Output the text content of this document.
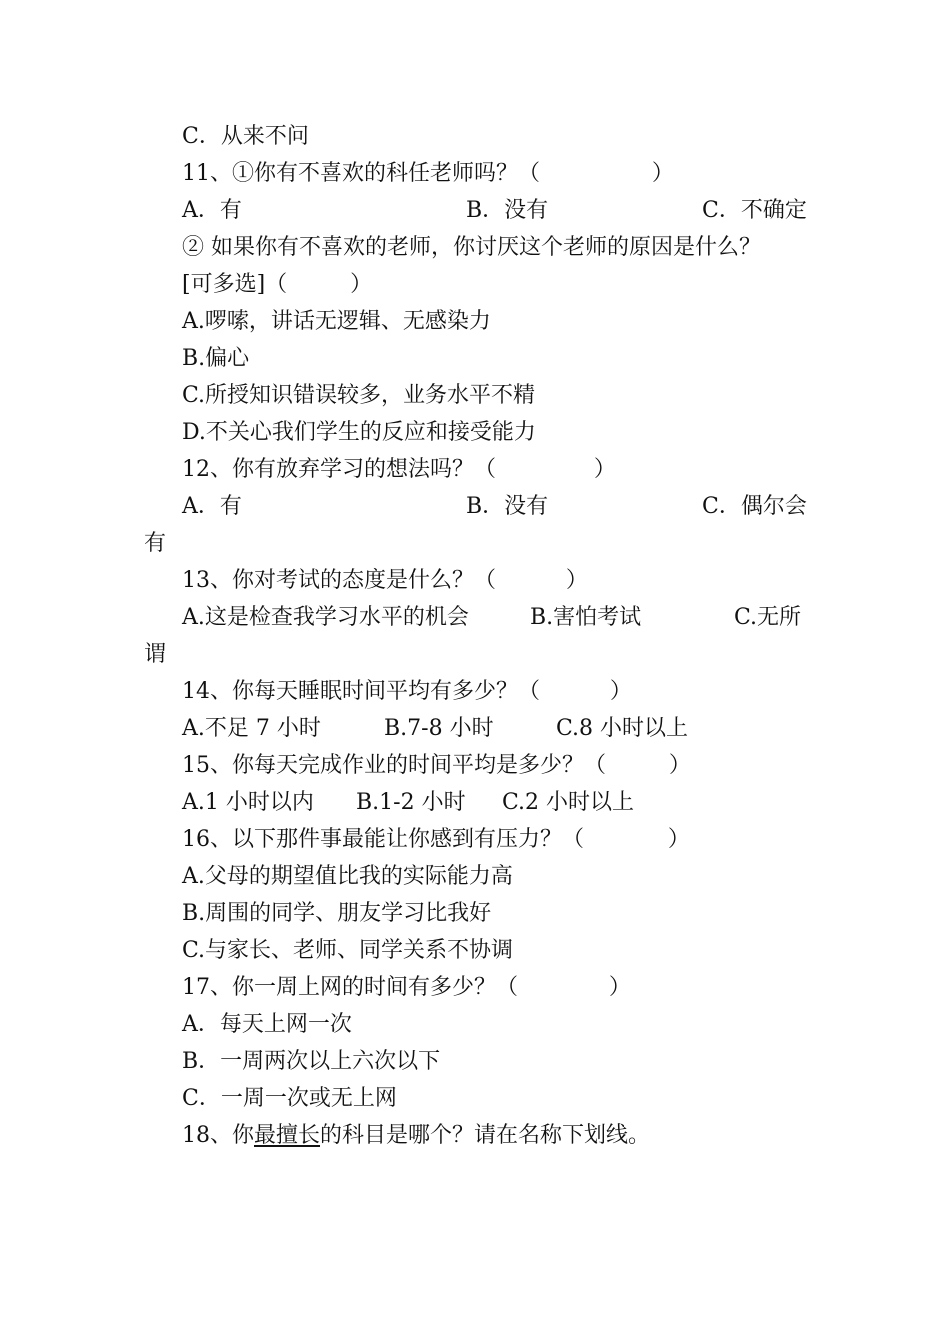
C．从来不问
11、①你有不喜欢的科任老师吗？（                ）
A．有	B．没有	C．不确定
② 如果你有不喜欢的老师，你讨厌这个老师的原因是什么？
[可多选]（         ）
A.啰嗦，讲话无逻辑、无感染力
B.偏心
C.所授知识错误较多，业务水平不精
D.不关心我们学生的反应和接受能力
12、你有放弃学习的想法吗？（              ）
A．有	B．没有	C．偶尔会
有
13、你对考试的态度是什么？（          ）
A.这是检查我学习水平的机会	B.害怕考试	C.无所
谓
14、你每天睡眠时间平均有多少？（          ）
A.不足 7 小时	B.7-8 小时	C.8 小时以上
15、你每天完成作业的时间平均是多少？（         ）
A.1 小时以内 B.1-2 小时 C.2 小时以上
16、以下那件事最能让你感到有压力？（            ）
A.父母的期望值比我的实际能力高
B.周围的同学、朋友学习比我好
C.与家长、老师、同学关系不协调
17、你一周上网的时间有多少？（             ）
A．每天上网一次
B．一周两次以上六次以下
C．一周一次或无上网
18、你最擅长的科目是哪个？请在名称下划线。
